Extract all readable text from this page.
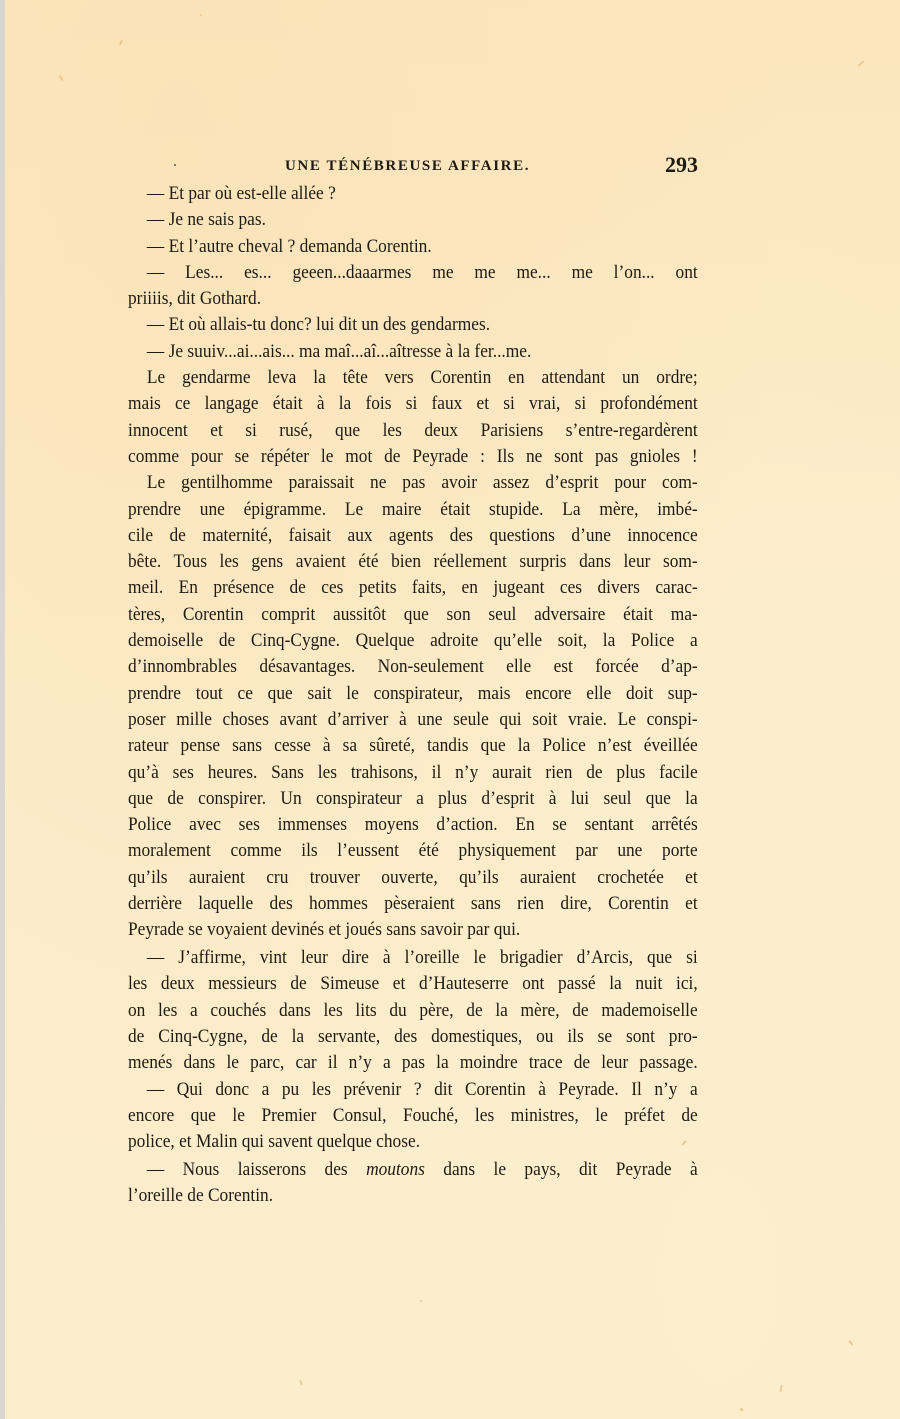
UNE TÉNÉBREUSE AFFAIRE.	293
— Et par où est-elle allée ?
— Je ne sais pas.
— Et l’autre cheval ? demanda Corentin.
— Les... es... geeen...daaarmes me me me... me l’on... ont
priiiis, dit Gothard.
— Et où allais-tu donc? lui dit un des gendarmes.
— Je suuiv...ai...ais... ma maî...aî...aîtresse à la fer...me.
Le gendarme leva la tête vers Corentin en attendant un ordre;
mais ce langage était à la fois si faux et si vrai, si profondément
innocent et si rusé, que les deux Parisiens s’entre-regardèrent
comme pour se répéter le mot de Peyrade : Ils ne sont pas gnioles !
Le gentilhomme paraissait ne pas avoir assez d’esprit pour com-
prendre une épigramme. Le maire était stupide. La mère, imbé-
cile de maternité, faisait aux agents des questions d’une innocence
bête. Tous les gens avaient été bien réellement surpris dans leur som-
meil. En présence de ces petits faits, en jugeant ces divers carac-
tères, Corentin comprit aussitôt que son seul adversaire était ma-
demoiselle de Cinq-Cygne. Quelque adroite qu’elle soit, la Police a
d’innombrables désavantages. Non-seulement elle est forcée d’ap-
prendre tout ce que sait le conspirateur, mais encore elle doit sup-
poser mille choses avant d’arriver à une seule qui soit vraie. Le conspi-
rateur pense sans cesse à sa sûreté, tandis que la Police n’est éveillée
qu’à ses heures. Sans les trahisons, il n’y aurait rien de plus facile
que de conspirer. Un conspirateur a plus d’esprit à lui seul que la
Police avec ses immenses moyens d’action. En se sentant arrêtés
moralement comme ils l’eussent été physiquement par une porte
qu’ils auraient cru trouver ouverte, qu’ils auraient crochetée et
derrière laquelle des hommes pèseraient sans rien dire, Corentin et
Peyrade se voyaient devinés et joués sans savoir par qui.
— J’affirme, vint leur dire à l’oreille le brigadier d’Arcis, que si
les deux messieurs de Simeuse et d’Hauteserre ont passé la nuit ici,
on les a couchés dans les lits du père, de la mère, de mademoiselle
de Cinq-Cygne, de la servante, des domestiques, ou ils se sont pro-
menés dans le parc, car il n’y a pas la moindre trace de leur passage.
— Qui donc a pu les prévenir ? dit Corentin à Peyrade. Il n’y a
encore que le Premier Consul, Fouché, les ministres, le préfet de
police, et Malin qui savent quelque chose.
— Nous laisserons des moutons dans le pays, dit Peyrade à
l’oreille de Corentin.
